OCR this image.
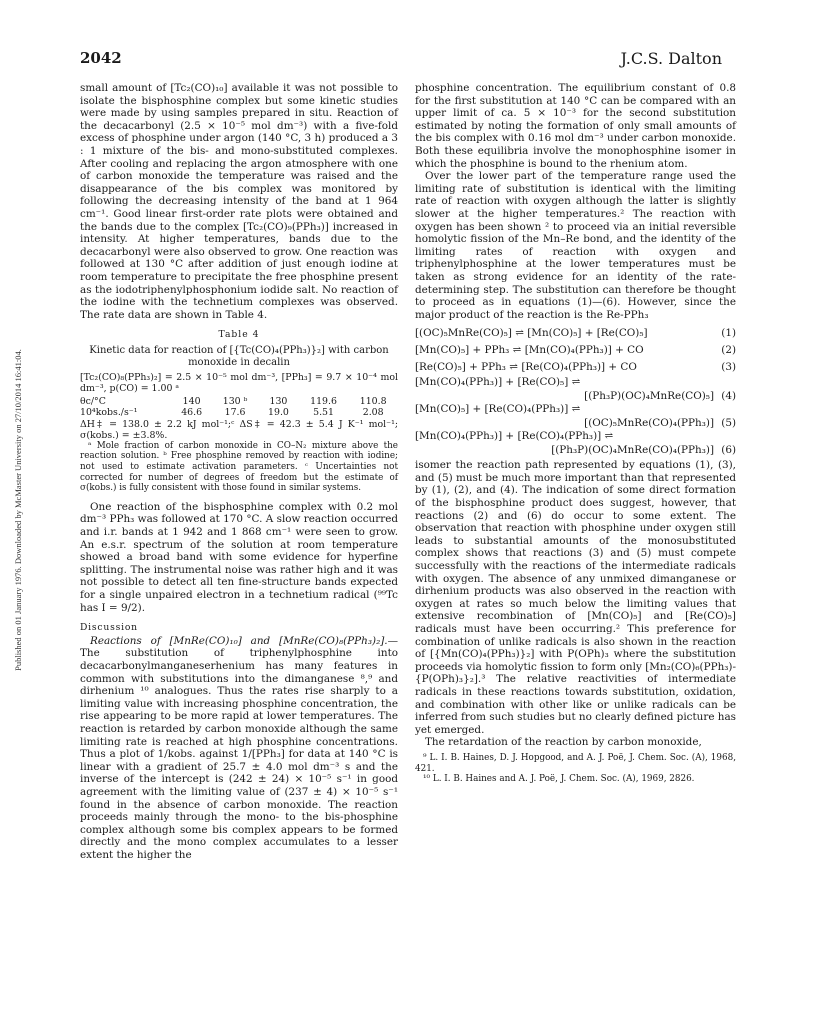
Published on 01 January 1976. Downloaded by McMaster University on 27/10/2014 16:41:04.
2042	J.C.S. Dalton

small amount of [Tc₂(CO)₁₀] available it was not possible to isolate the bisphosphine complex but some kinetic studies were made by using samples prepared in situ. Reaction of the decacarbonyl (2.5 × 10⁻⁵ mol dm⁻³) with a five-fold excess of phosphine under argon (140 °C, 3 h) produced a 3 : 1 mixture of the bis- and mono-substituted complexes. After cooling and replacing the argon atmosphere with one of carbon monoxide the temperature was raised and the disappearance of the bis complex was monitored by following the decreasing intensity of the band at 1 964 cm⁻¹. Good linear first-order rate plots were obtained and the bands due to the complex [Tc₂(CO)₉(PPh₃)] increased in intensity. At higher temperatures, bands due to the decacarbonyl were also observed to grow. One reaction was followed at 130 °C after addition of just enough iodine at room temperature to precipitate the free phosphine present as the iodotriphenylphosphonium iodide salt. No reaction of the iodine with the technetium complexes was observed. The rate data are shown in Table 4.

Table 4
Kinetic data for reaction of [{Tc(CO)₄(PPh₃)}₂] with carbon monoxide in decalin
[Tc₂(CO)₈(PPh₃)₂] = 2.5 × 10⁻⁵ mol dm⁻³, [PPh₃] = 9.7 × 10⁻⁴ mol dm⁻³, p(CO) = 1.00 ᵃ
θc/°C	140	130 ᵇ	130	119.6	110.8
10⁴kobs./s⁻¹	46.6	17.6	19.0	5.51	2.08
ΔH‡ = 138.0 ± 2.2 kJ mol⁻¹;ᶜ ΔS‡ = 42.3 ± 5.4 J K⁻¹ mol⁻¹; σ(kobs.) = ±3.8%.

ᵃ Mole fraction of carbon monoxide in CO–N₂ mixture above the reaction solution. ᵇ Free phosphine removed by reaction with iodine; not used to estimate activation parameters. ᶜ Uncertainties not corrected for number of degrees of freedom but the estimate of σ(kobs.) is fully consistent with those found in similar systems.

One reaction of the bisphosphine complex with 0.2 mol dm⁻³ PPh₃ was followed at 170 °C. A slow reaction occurred and i.r. bands at 1 942 and 1 868 cm⁻¹ were seen to grow. An e.s.r. spectrum of the solution at room temperature showed a broad band with some evidence for hyperfine splitting. The instrumental noise was rather high and it was not possible to detect all ten fine-structure bands expected for a single unpaired electron in a technetium radical (⁹⁹Tc has I = 9/2).

Discussion

Reactions of [MnRe(CO)₁₀] and [MnRe(CO)₈(PPh₃)₂].— The substitution of triphenylphosphine into decacarbonylmanganeserhenium has many features in common with substitutions into the dimanganese ⁸,⁹ and dirhenium ¹⁰ analogues. Thus the rates rise sharply to a limiting value with increasing phosphine concentration, the rise appearing to be more rapid at lower temperatures. The reaction is retarded by carbon monoxide although the same limiting rate is reached at high phosphine concentrations. Thus a plot of 1/kobs. against 1/[PPh₃] for data at 140 °C is linear with a gradient of 25.7 ± 4.0 mol dm⁻³ s and the inverse of the intercept is (242 ± 24) × 10⁻⁵ s⁻¹ in good agreement with the limiting value of (237 ± 4) × 10⁻⁵ s⁻¹ found in the absence of carbon monoxide. The reaction proceeds mainly through the mono- to the bis-phosphine complex although some bis complex appears to be formed directly and the mono complex accumulates to a lesser extent the higher the

phosphine concentration. The equilibrium constant of 0.8 for the first substitution at 140 °C can be compared with an upper limit of ca. 5 × 10⁻³ for the second substitution estimated by noting the formation of only small amounts of the bis complex with 0.16 mol dm⁻³ under carbon monoxide. Both these equilibria involve the monophosphine isomer in which the phosphine is bound to the rhenium atom.

Over the lower part of the temperature range used the limiting rate of substitution is identical with the limiting rate of reaction with oxygen although the latter is slightly slower at the higher temperatures.² The reaction with oxygen has been shown ² to proceed via an initial reversible homolytic fission of the Mn–Re bond, and the identity of the limiting rates of reaction with oxygen and triphenylphosphine at the lower temperatures must be taken as strong evidence for an identity of the rate-determining step. The substitution can therefore be thought to proceed as in equations (1)—(6). However, since the major product of the reaction is the Re-PPh₃

[(OC)₅MnRe(CO)₅] ⇌ [Mn(CO)₅] + [Re(CO)₅]	(1)
[Mn(CO)₅] + PPh₃ ⇌ [Mn(CO)₄(PPh₃)] + CO	(2)
[Re(CO)₅] + PPh₃ ⇌ [Re(CO)₄(PPh₃)] + CO	(3)
[Mn(CO)₄(PPh₃)] + [Re(CO)₅] ⇌
[(Ph₃P)(OC)₄MnRe(CO)₅] (4)
[Mn(CO)₅] + [Re(CO)₄(PPh₃)] ⇌
[(OC)₅MnRe(CO)₄(PPh₃)] (5)
[Mn(CO)₄(PPh₃)] + [Re(CO)₄(PPh₃)] ⇌
[(Ph₃P)(OC)₄MnRe(CO)₄(PPh₃)] (6)

isomer the reaction path represented by equations (1), (3), and (5) must be much more important than that represented by (1), (2), and (4). The indication of some direct formation of the bisphosphine product does suggest, however, that reactions (2) and (6) do occur to some extent. The observation that reaction with phosphine under oxygen still leads to substantial amounts of the monosubstituted complex shows that reactions (3) and (5) must compete successfully with the reactions of the intermediate radicals with oxygen. The absence of any unmixed dimanganese or dirhenium products was also observed in the reaction with oxygen at rates so much below the limiting values that extensive recombination of [Mn(CO)₅] and [Re(CO)₅] radicals must have been occurring.² This preference for combination of unlike radicals is also shown in the reaction of [{Mn(CO)₄(PPh₃)}₂] with P(OPh)₃ where the substitution proceeds via homolytic fission to form only [Mn₂(CO)₆(PPh₃)-{P(OPh)₃}₂].³ The relative reactivities of intermediate radicals in these reactions towards substitution, oxidation, and combination with other like or unlike radicals can be inferred from such studies but no clearly defined picture has yet emerged.

The retardation of the reaction by carbon monoxide,

⁹ L. I. B. Haines, D. J. Hopgood, and A. J. Poë, J. Chem. Soc. (A), 1968, 421.

¹⁰ L. I. B. Haines and A. J. Poë, J. Chem. Soc. (A), 1969, 2826.
